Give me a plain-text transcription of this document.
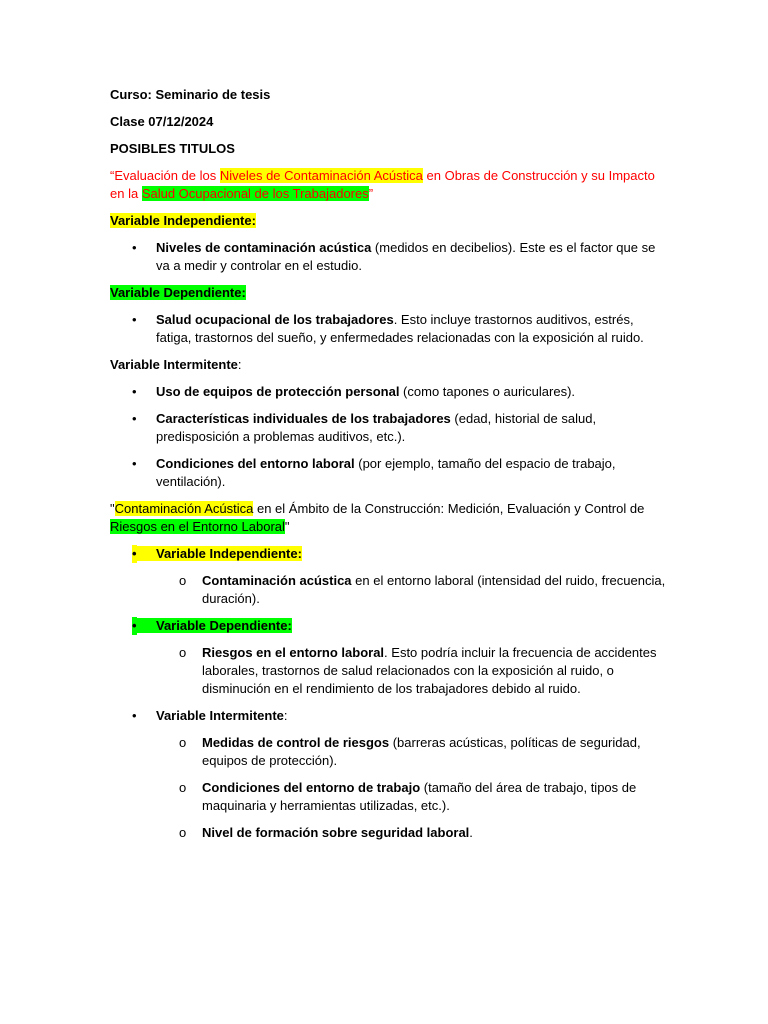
Curso: Seminario de tesis

Clase 07/12/2024

POSIBLES TITULOS

“Evaluación de los Niveles de Contaminación Acústica en Obras de Construcción y su Impacto en la Salud Ocupacional de los Trabajadores”

Variable Independiente:

• Niveles de contaminación acústica (medidos en decibelios). Este es el factor que se va a medir y controlar en el estudio.

Variable Dependiente:

• Salud ocupacional de los trabajadores. Esto incluye trastornos auditivos, estrés, fatiga, trastornos del sueño, y enfermedades relacionadas con la exposición al ruido.

Variable Intermitente:

• Uso de equipos de protección personal (como tapones o auriculares).
• Características individuales de los trabajadores (edad, historial de salud, predisposición a problemas auditivos, etc.).
• Condiciones del entorno laboral (por ejemplo, tamaño del espacio de trabajo, ventilación).

"Contaminación Acústica en el Ámbito de la Construcción: Medición, Evaluación y Control de Riesgos en el Entorno Laboral"

• Variable Independiente:
o Contaminación acústica en el entorno laboral (intensidad del ruido, frecuencia, duración).
• Variable Dependiente:
o Riesgos en el entorno laboral. Esto podría incluir la frecuencia de accidentes laborales, trastornos de salud relacionados con la exposición al ruido, o disminución en el rendimiento de los trabajadores debido al ruido.
• Variable Intermitente:
o Medidas de control de riesgos (barreras acústicas, políticas de seguridad, equipos de protección).
o Condiciones del entorno de trabajo (tamaño del área de trabajo, tipos de maquinaria y herramientas utilizadas, etc.).
o Nivel de formación sobre seguridad laboral.
